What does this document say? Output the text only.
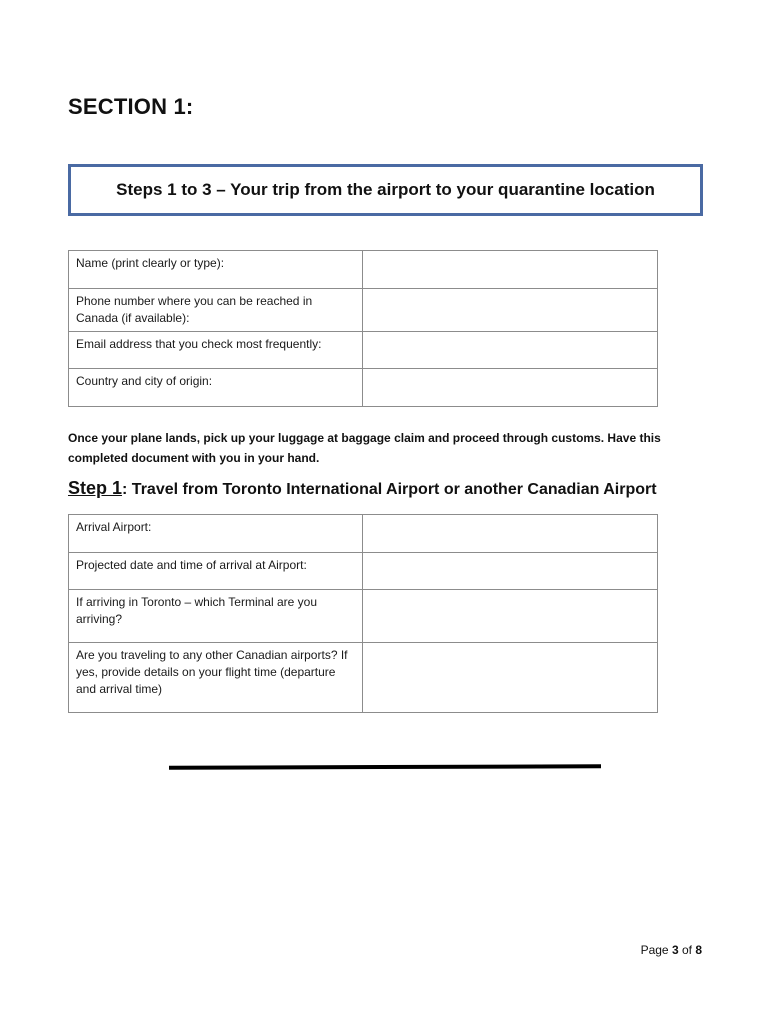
SECTION 1:
Steps 1 to 3 – Your trip from the airport to your quarantine location
Name (print clearly or type):	
Phone number where you can be reached in Canada (if available):	
Email address that you check most frequently:	
Country and city of origin:	
Once your plane lands, pick up your luggage at baggage claim and proceed through customs. Have this completed document with you in your hand.
Step 1: Travel from Toronto International Airport or another Canadian Airport
Arrival Airport:	
Projected date and time of arrival at Airport:	
If arriving in Toronto – which Terminal are you arriving?	
Are you traveling to any other Canadian airports? If yes, provide details on your flight time (departure and arrival time)	
Page 3 of 8
